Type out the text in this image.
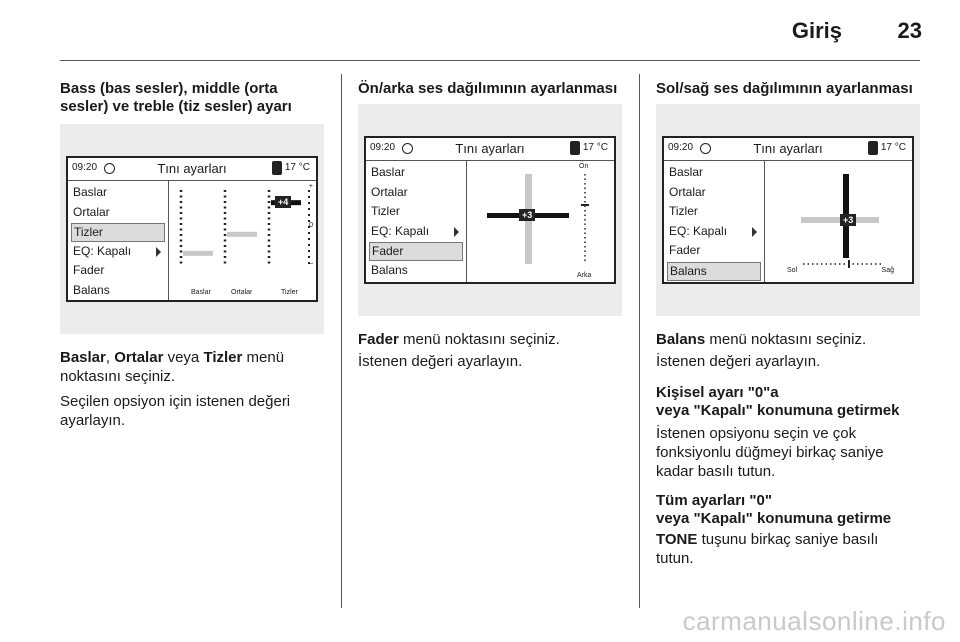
Giriş	23
Bass (bas sesler), middle (orta sesler) ve treble (tiz sesler) ayarı
09:20	Tını ayarları	17 °C
Baslar
Ortalar
Tizler
EQ: Kapalı
Fader
Balans
+4
+
0
–
Baslar	Ortalar	Tizler
Baslar, Ortalar veya Tizler menü noktasını seçiniz.
Seçilen opsiyon için istenen değeri ayarlayın.
Ön/arka ses dağılımının ayarlanması
09:20	Tını ayarları	17 °C
Baslar
Ortalar
Tizler
EQ: Kapalı
Fader
Balans
+3
Ön
Arka
Fader menü noktasını seçiniz.
İstenen değeri ayarlayın.
Sol/sağ ses dağılımının ayarlanması
09:20	Tını ayarları	17 °C
Baslar
Ortalar
Tizler
EQ: Kapalı
Fader
Balans
+3
Sol	Sağ
Balans menü noktasını seçiniz.
İstenen değeri ayarlayın.
Kişisel ayarı "0"a
veya "Kapalı" konumuna getirmek
İstenen opsiyonu seçin ve çok fonksiyonlu düğmeyi birkaç saniye kadar basılı tutun.
Tüm ayarları "0"
veya "Kapalı" konumuna getirme
TONE tuşunu birkaç saniye basılı tutun.
carmanualsonline.info
